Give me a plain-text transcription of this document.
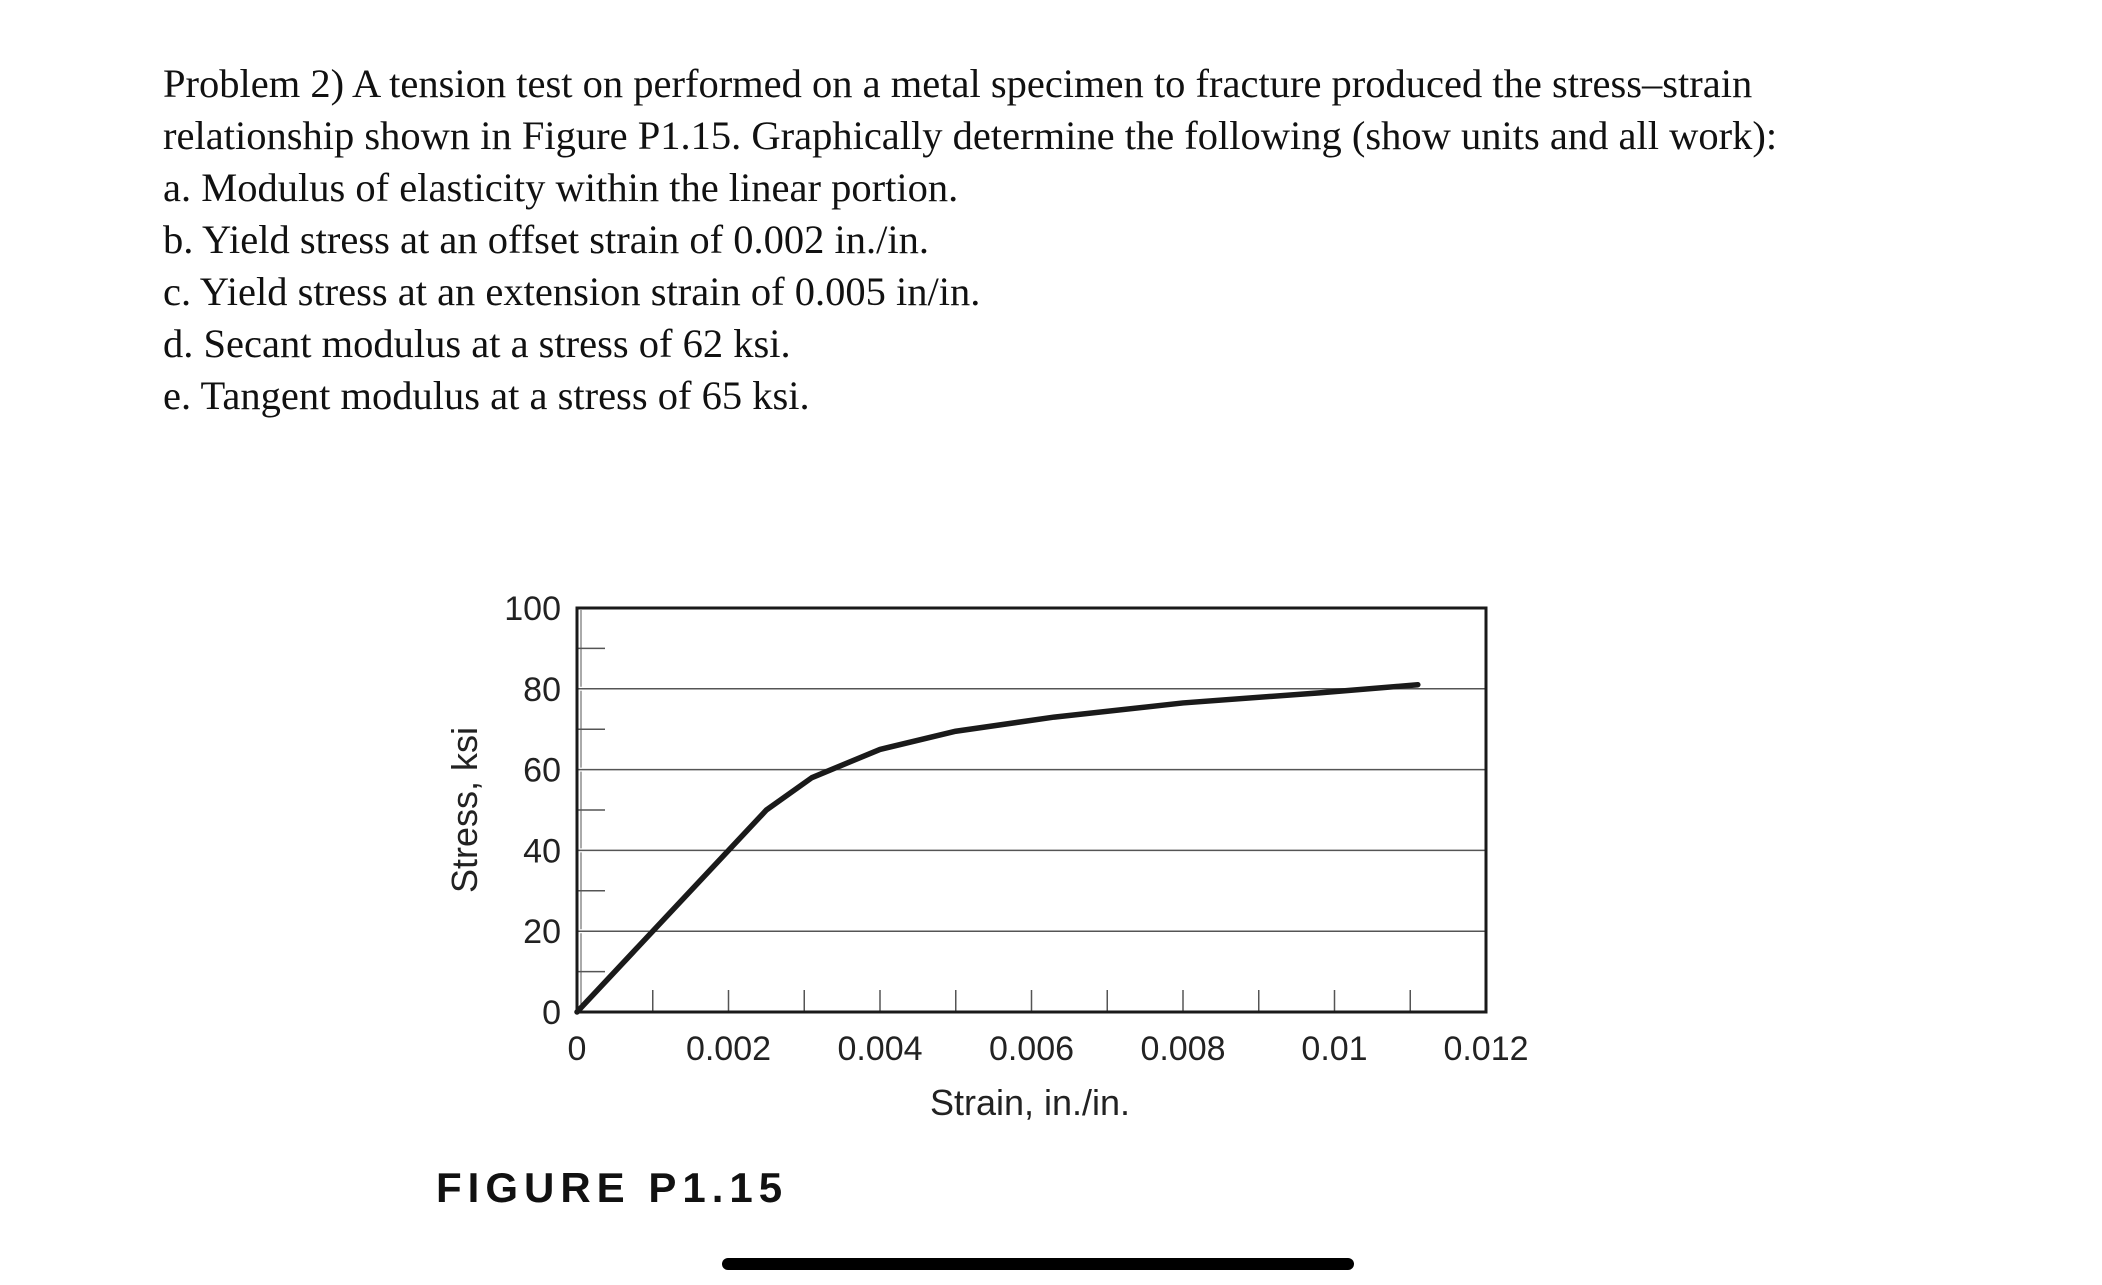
Problem 2) A tension test on performed on a metal specimen to fracture produced the stress–strain
relationship shown in Figure P1.15. Graphically determine the following (show units and all work):
a. Modulus of elasticity within the linear portion.
b. Yield stress at an offset strain of 0.002 in./in.
c. Yield stress at an extension strain of 0.005 in/in.
d. Secant modulus at a stress of 62 ksi.
e. Tangent modulus at a stress of 65 ksi.
0
20
40
60
80
100
0	0.002 0.004 0.006 0.008 0.01 0.012
Strain, in./in.
Stress, ksi
FIGURE P1.15
